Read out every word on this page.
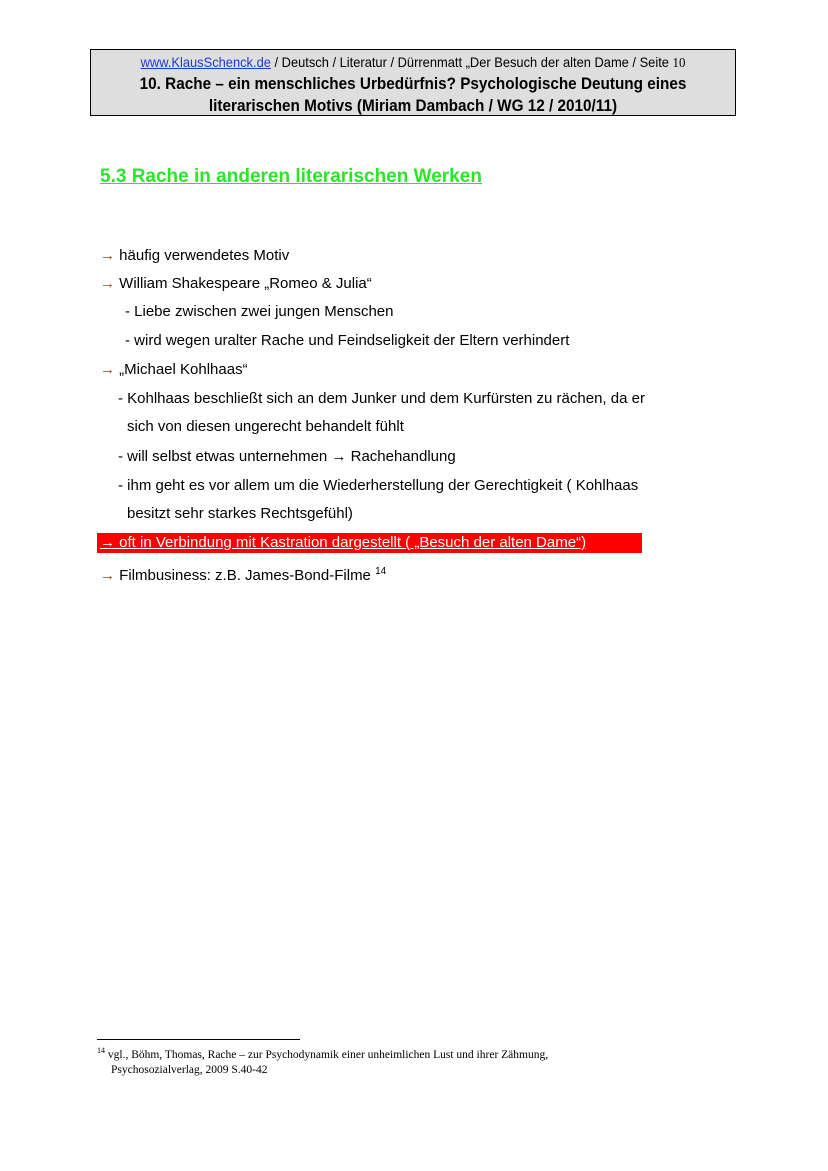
www.KlausSchenck.de / Deutsch / Literatur / Dürrenmatt „Der Besuch der alten Dame / Seite 10
10. Rache – ein menschliches Urbedürfnis? Psychologische Deutung eines
literarischen Motivs (Miriam Dambach / WG 12 / 2010/11)
5.3 Rache in anderen literarischen Werken
→ häufig verwendetes Motiv
→ William Shakespeare „Romeo & Julia“
- Liebe zwischen zwei jungen Menschen
- wird wegen uralter Rache und Feindseligkeit der Eltern verhindert
→ „Michael Kohlhaas“
- Kohlhaas beschließt sich an dem Junker und dem Kurfürsten zu rächen, da er
sich von diesen ungerecht behandelt fühlt
- will selbst etwas unternehmen → Rachehandlung
- ihm geht es vor allem um die Wiederherstellung der Gerechtigkeit ( Kohlhaas
besitzt sehr starkes Rechtsgefühl)
→ oft in Verbindung mit Kastration dargestellt ( „Besuch der alten Dame“)
→ Filmbusiness: z.B. James-Bond-Filme $^{14}$
$^{14}$ vgl., Böhm, Thomas, Rache – zur Psychodynamik einer unheimlichen Lust und ihrer Zähmung,
Psychosozialverlag, 2009 S.40-42
